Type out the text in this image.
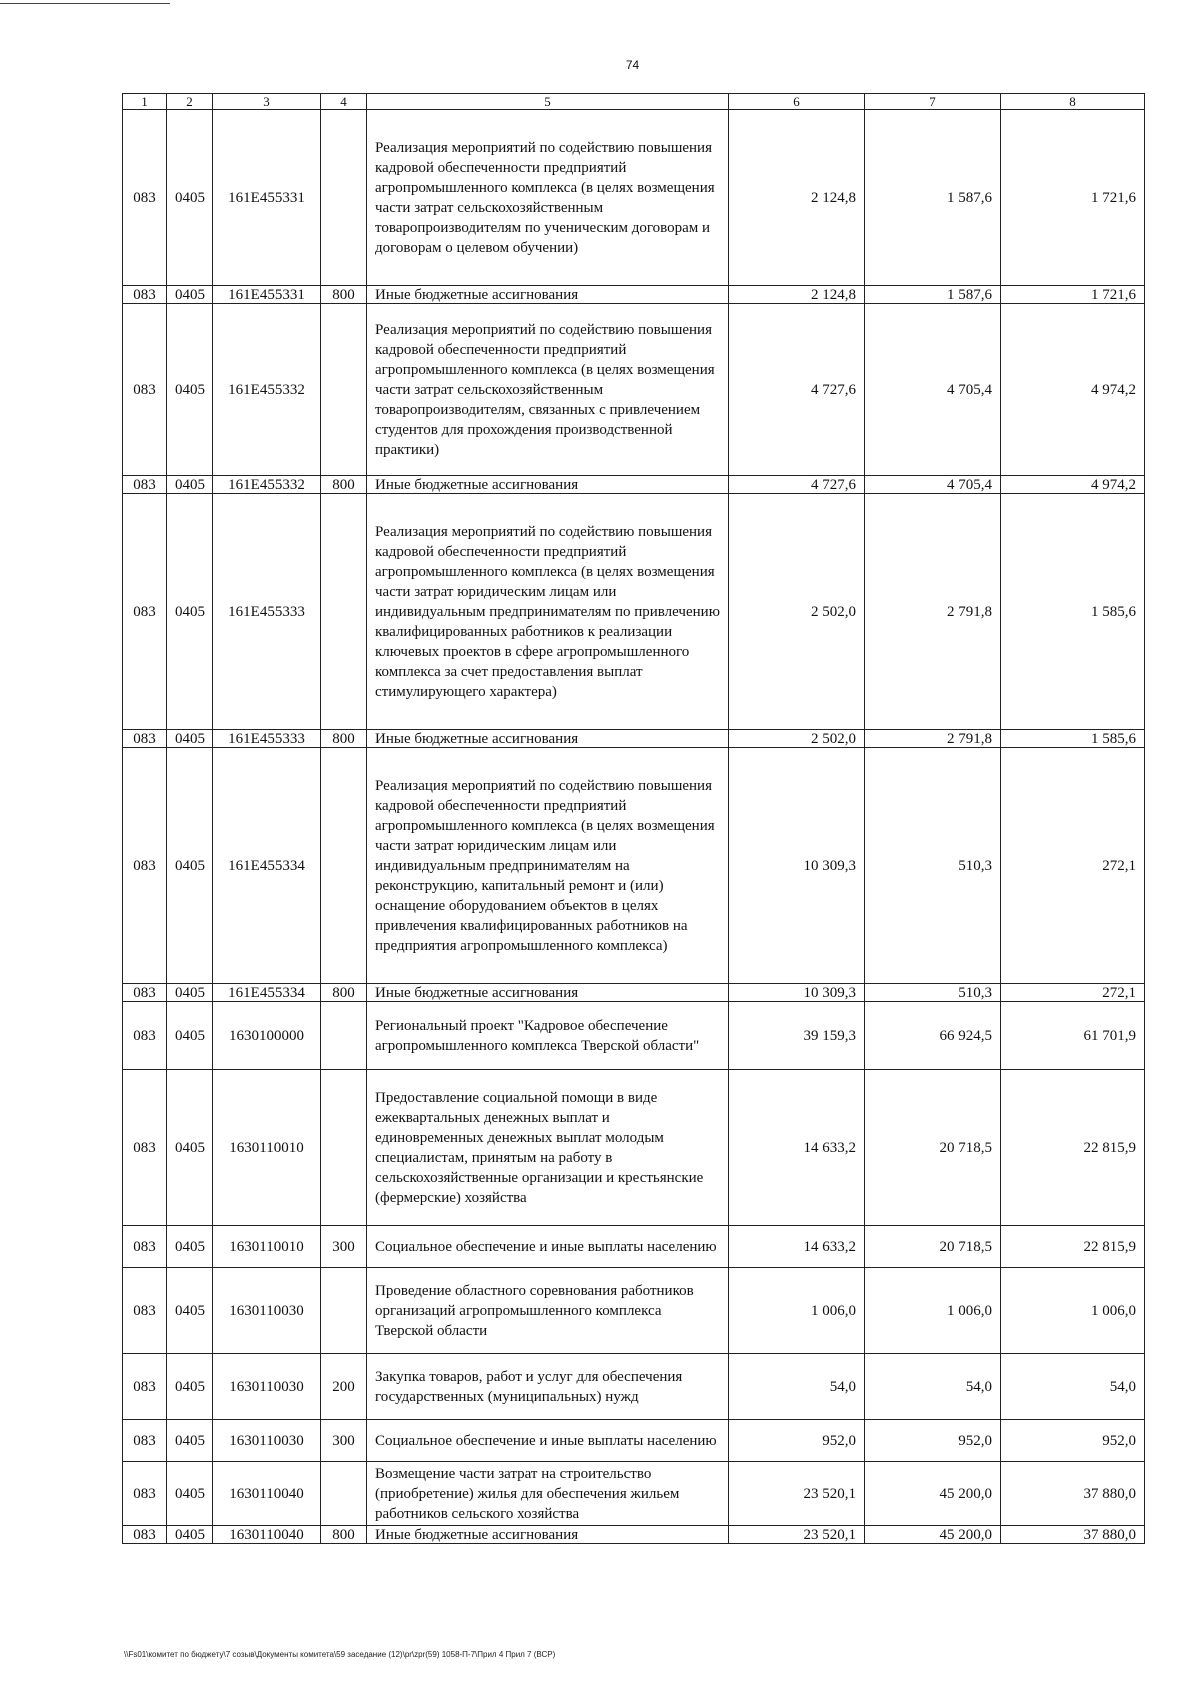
74
1	2	3	4	5	6	7	8
083	0405	161E455331		Реализация мероприятий по содействию повышения кадровой обеспеченности предприятий агропромышленного комплекса (в целях возмещения части затрат сельскохозяйственным товаропроизводителям по ученическим договорам и договорам о целевом обучении)	2 124,8	1 587,6	1 721,6
083	0405	161E455331	800	Иные бюджетные ассигнования	2 124,8	1 587,6	1 721,6
083	0405	161E455332		Реализация мероприятий по содействию повышения кадровой обеспеченности предприятий агропромышленного комплекса (в целях возмещения части затрат сельскохозяйственным товаропроизводителям, связанных с привлечением студентов для прохождения производственной практики)	4 727,6	4 705,4	4 974,2
083	0405	161E455332	800	Иные бюджетные ассигнования	4 727,6	4 705,4	4 974,2
083	0405	161E455333		Реализация мероприятий по содействию повышения кадровой обеспеченности предприятий агропромышленного комплекса (в целях возмещения части затрат юридическим лицам или индивидуальным предпринимателям по привлечению квалифицированных работников к реализации ключевых проектов в сфере агропромышленного комплекса за счет предоставления выплат стимулирующего характера)	2 502,0	2 791,8	1 585,6
083	0405	161E455333	800	Иные бюджетные ассигнования	2 502,0	2 791,8	1 585,6
083	0405	161E455334		Реализация мероприятий по содействию повышения кадровой обеспеченности предприятий агропромышленного комплекса (в целях возмещения части затрат юридическим лицам или индивидуальным предпринимателям на реконструкцию, капитальный ремонт и (или) оснащение оборудованием объектов в целях привлечения квалифицированных работников на предприятия агропромышленного комплекса)	10 309,3	510,3	272,1
083	0405	161E455334	800	Иные бюджетные ассигнования	10 309,3	510,3	272,1
083	0405	1630100000		Региональный проект "Кадровое обеспечение агропромышленного комплекса Тверской области"	39 159,3	66 924,5	61 701,9
083	0405	1630110010		Предоставление социальной помощи в виде ежеквартальных денежных выплат и единовременных денежных выплат молодым специалистам, принятым на работу в сельскохозяйственные организации и крестьянские (фермерские) хозяйства	14 633,2	20 718,5	22 815,9
083	0405	1630110010	300	Социальное обеспечение и иные выплаты населению	14 633,2	20 718,5	22 815,9
083	0405	1630110030		Проведение областного соревнования работников организаций агропромышленного комплекса Тверской области	1 006,0	1 006,0	1 006,0
083	0405	1630110030	200	Закупка товаров, работ и услуг для обеспечения государственных (муниципальных) нужд	54,0	54,0	54,0
083	0405	1630110030	300	Социальное обеспечение и иные выплаты населению	952,0	952,0	952,0
083	0405	1630110040		Возмещение части затрат на строительство (приобретение) жилья для обеспечения жильем работников сельского хозяйства	23 520,1	45 200,0	37 880,0
083	0405	1630110040	800	Иные бюджетные ассигнования	23 520,1	45 200,0	37 880,0
\\Fs01\комитет по бюджету\7 созыв\Документы комитета\59 заседание (12)\pr\zpr(59) 1058-П-7\Прил 4 Прил 7 (ВСР)
